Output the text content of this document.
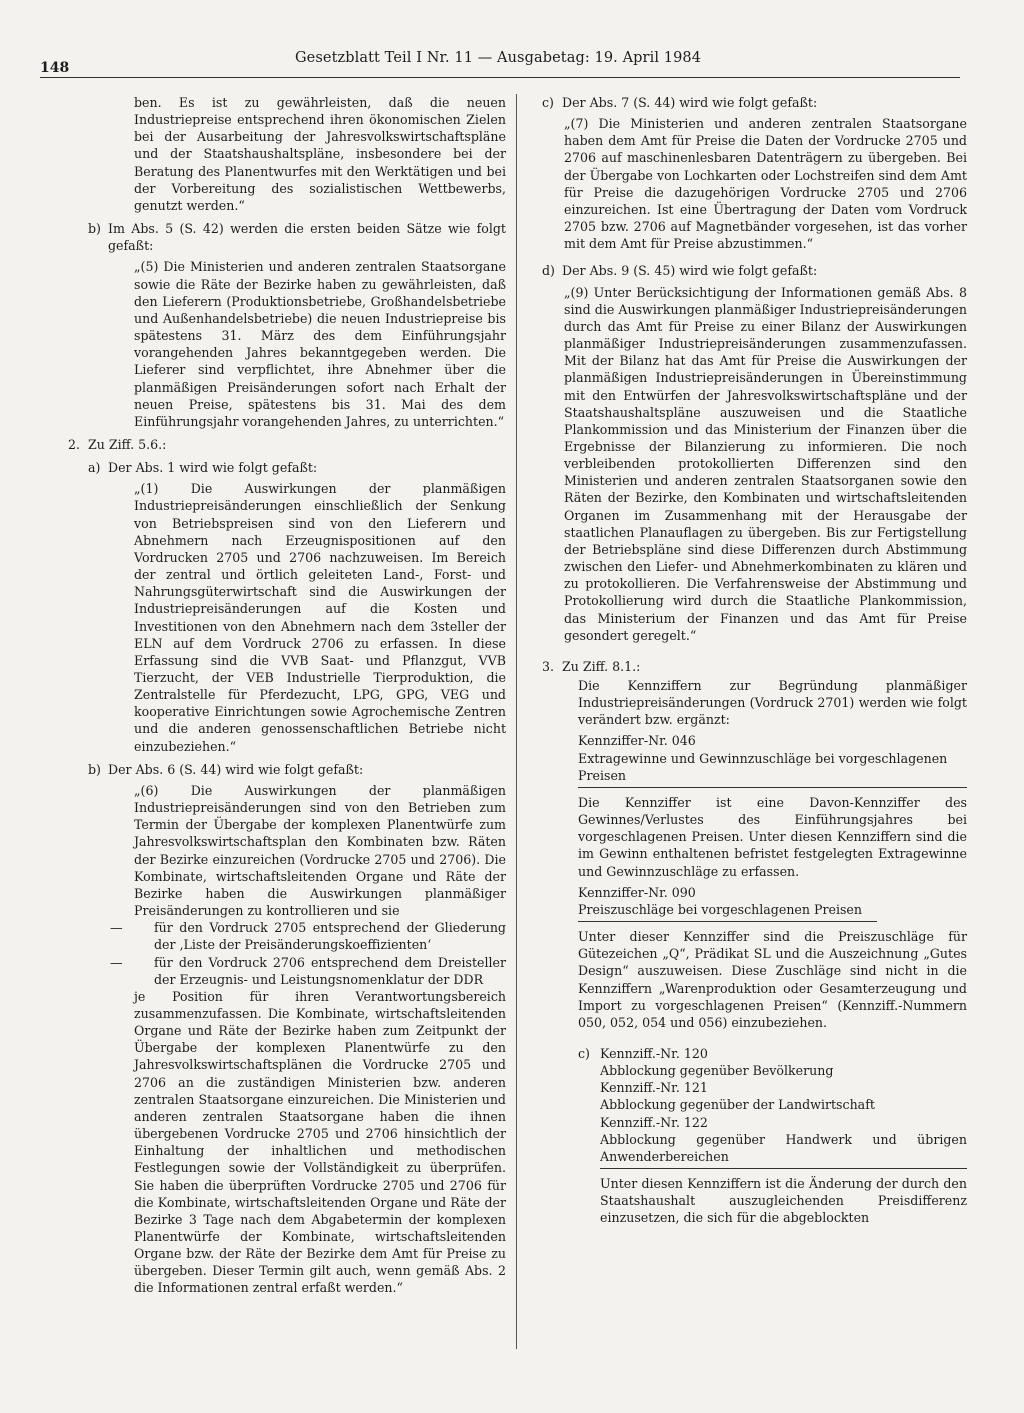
148
Gesetzblatt Teil I Nr. 11 — Ausgabetag: 19. April 1984
ben. Es ist zu gewährleisten, daß die neuen Industriepreise entsprechend ihren ökonomischen Zielen bei der Ausarbeitung der Jahresvolkswirtschaftspläne und der Staatshaushaltspläne, insbesondere bei der Beratung des Planentwurfes mit den Werktätigen und bei der Vorbereitung des sozialistischen Wettbewerbs, genutzt werden.“
b) Im Abs. 5 (S. 42) werden die ersten beiden Sätze wie folgt gefaßt:
„(5) Die Ministerien und anderen zentralen Staatsorgane sowie die Räte der Bezirke haben zu gewährleisten, daß den Lieferern (Produktionsbetriebe, Großhandelsbetriebe und Außenhandelsbetriebe) die neuen Industriepreise bis spätestens 31. März des dem Einführungsjahr vorangehenden Jahres bekanntgegeben werden. Die Lieferer sind verpflichtet, ihre Abnehmer über die planmäßigen Preisänderungen sofort nach Erhalt der neuen Preise, spätestens bis 31. Mai des dem Einführungsjahr vorangehenden Jahres, zu unterrichten.“
2. Zu Ziff. 5.6.:
a) Der Abs. 1 wird wie folgt gefaßt:
„(1) Die Auswirkungen der planmäßigen Industriepreisänderungen einschließlich der Senkung von Betriebspreisen sind von den Lieferern und Abnehmern nach Erzeugnispositionen auf den Vordrucken 2705 und 2706 nachzuweisen. Im Bereich der zentral und örtlich geleiteten Land-, Forst- und Nahrungsgüterwirtschaft sind die Auswirkungen der Industriepreisänderungen auf die Kosten und Investitionen von den Abnehmern nach dem 3steller der ELN auf dem Vordruck 2706 zu erfassen. In diese Erfassung sind die VVB Saat- und Pflanzgut, VVB Tierzucht, der VEB Industrielle Tierproduktion, die Zentralstelle für Pferdezucht, LPG, GPG, VEG und kooperative Einrichtungen sowie Agrochemische Zentren und die anderen genossenschaftlichen Betriebe nicht einzubeziehen.“
b) Der Abs. 6 (S. 44) wird wie folgt gefaßt:
„(6) Die Auswirkungen der planmäßigen Industriepreisänderungen sind von den Betrieben zum Termin der Übergabe der komplexen Planentwürfe zum Jahresvolkswirtschaftsplan den Kombinaten bzw. Räten der Bezirke einzureichen (Vordrucke 2705 und 2706). Die Kombinate, wirtschaftsleitenden Organe und Räte der Bezirke haben die Auswirkungen planmäßiger Preisänderungen zu kontrollieren und sie
— für den Vordruck 2705 entsprechend der Gliederung der ‚Liste der Preisänderungskoeffizienten‘
— für den Vordruck 2706 entsprechend dem Dreisteller der Erzeugnis- und Leistungsnomenklatur der DDR
je Position für ihren Verantwortungsbereich zusammenzufassen. Die Kombinate, wirtschaftsleitenden Organe und Räte der Bezirke haben zum Zeitpunkt der Übergabe der komplexen Planentwürfe zu den Jahresvolkswirtschaftsplänen die Vordrucke 2705 und 2706 an die zuständigen Ministerien bzw. anderen zentralen Staatsorgane einzureichen. Die Ministerien und anderen zentralen Staatsorgane haben die ihnen übergebenen Vordrucke 2705 und 2706 hinsichtlich der Einhaltung der inhaltlichen und methodischen Festlegungen sowie der Vollständigkeit zu überprüfen. Sie haben die überprüften Vordrucke 2705 und 2706 für die Kombinate, wirtschaftsleitenden Organe und Räte der Bezirke 3 Tage nach dem Abgabetermin der komplexen Planentwürfe der Kombinate, wirtschaftsleitenden Organe bzw. der Räte der Bezirke dem Amt für Preise zu übergeben. Dieser Termin gilt auch, wenn gemäß Abs. 2 die Informationen zentral erfaßt werden.“
c) Der Abs. 7 (S. 44) wird wie folgt gefaßt:
„(7) Die Ministerien und anderen zentralen Staatsorgane haben dem Amt für Preise die Daten der Vordrucke 2705 und 2706 auf maschinenlesbaren Datenträgern zu übergeben. Bei der Übergabe von Lochkarten oder Lochstreifen sind dem Amt für Preise die dazugehörigen Vordrucke 2705 und 2706 einzureichen. Ist eine Übertragung der Daten vom Vordruck 2705 bzw. 2706 auf Magnetbänder vorgesehen, ist das vorher mit dem Amt für Preise abzustimmen.“
d) Der Abs. 9 (S. 45) wird wie folgt gefaßt:
„(9) Unter Berücksichtigung der Informationen gemäß Abs. 8 sind die Auswirkungen planmäßiger Industriepreisänderungen durch das Amt für Preise zu einer Bilanz der Auswirkungen planmäßiger Industriepreisänderungen zusammenzufassen. Mit der Bilanz hat das Amt für Preise die Auswirkungen der planmäßigen Industriepreisänderungen in Übereinstimmung mit den Entwürfen der Jahresvolkswirtschaftspläne und der Staatshaushaltspläne auszuweisen und die Staatliche Plankommission und das Ministerium der Finanzen über die Ergebnisse der Bilanzierung zu informieren. Die noch verbleibenden protokollierten Differenzen sind den Ministerien und anderen zentralen Staatsorganen sowie den Räten der Bezirke, den Kombinaten und wirtschaftsleitenden Organen im Zusammenhang mit der Herausgabe der staatlichen Planauflagen zu übergeben. Bis zur Fertigstellung der Betriebspläne sind diese Differenzen durch Abstimmung zwischen den Liefer- und Abnehmerkombinaten zu klären und zu protokollieren. Die Verfahrensweise der Abstimmung und Protokollierung wird durch die Staatliche Plankommission, das Ministerium der Finanzen und das Amt für Preise gesondert geregelt.“
3. Zu Ziff. 8.1.:
Die Kennziffern zur Begründung planmäßiger Industriepreisänderungen (Vordruck 2701) werden wie folgt verändert bzw. ergänzt:
Kennziffer-Nr. 046
Extragewinne und Gewinnzuschläge bei vorgeschlagenen Preisen
Die Kennziffer ist eine Davon-Kennziffer des Gewinnes/Verlustes des Einführungsjahres bei vorgeschlagenen Preisen. Unter diesen Kennziffern sind die im Gewinn enthaltenen befristet festgelegten Extragewinne und Gewinnzuschläge zu erfassen.
Kennziffer-Nr. 090
Preiszuschläge bei vorgeschlagenen Preisen
Unter dieser Kennziffer sind die Preiszuschläge für Gütezeichen „Q“, Prädikat SL und die Auszeichnung „Gutes Design“ auszuweisen. Diese Zuschläge sind nicht in die Kennziffern „Warenproduktion oder Gesamterzeugung und Import zu vorgeschlagenen Preisen“ (Kennziff.-Nummern 050, 052, 054 und 056) einzubeziehen.
c) Kennziff.-Nr. 120
Abblockung gegenüber Bevölkerung
Kennziff.-Nr. 121
Abblockung gegenüber der Landwirtschaft
Kennziff.-Nr. 122
Abblockung gegenüber Handwerk und übrigen Anwenderbereichen
Unter diesen Kennziffern ist die Änderung der durch den Staatshaushalt auszugleichenden Preisdifferenz einzusetzen, die sich für die abgeblockten
